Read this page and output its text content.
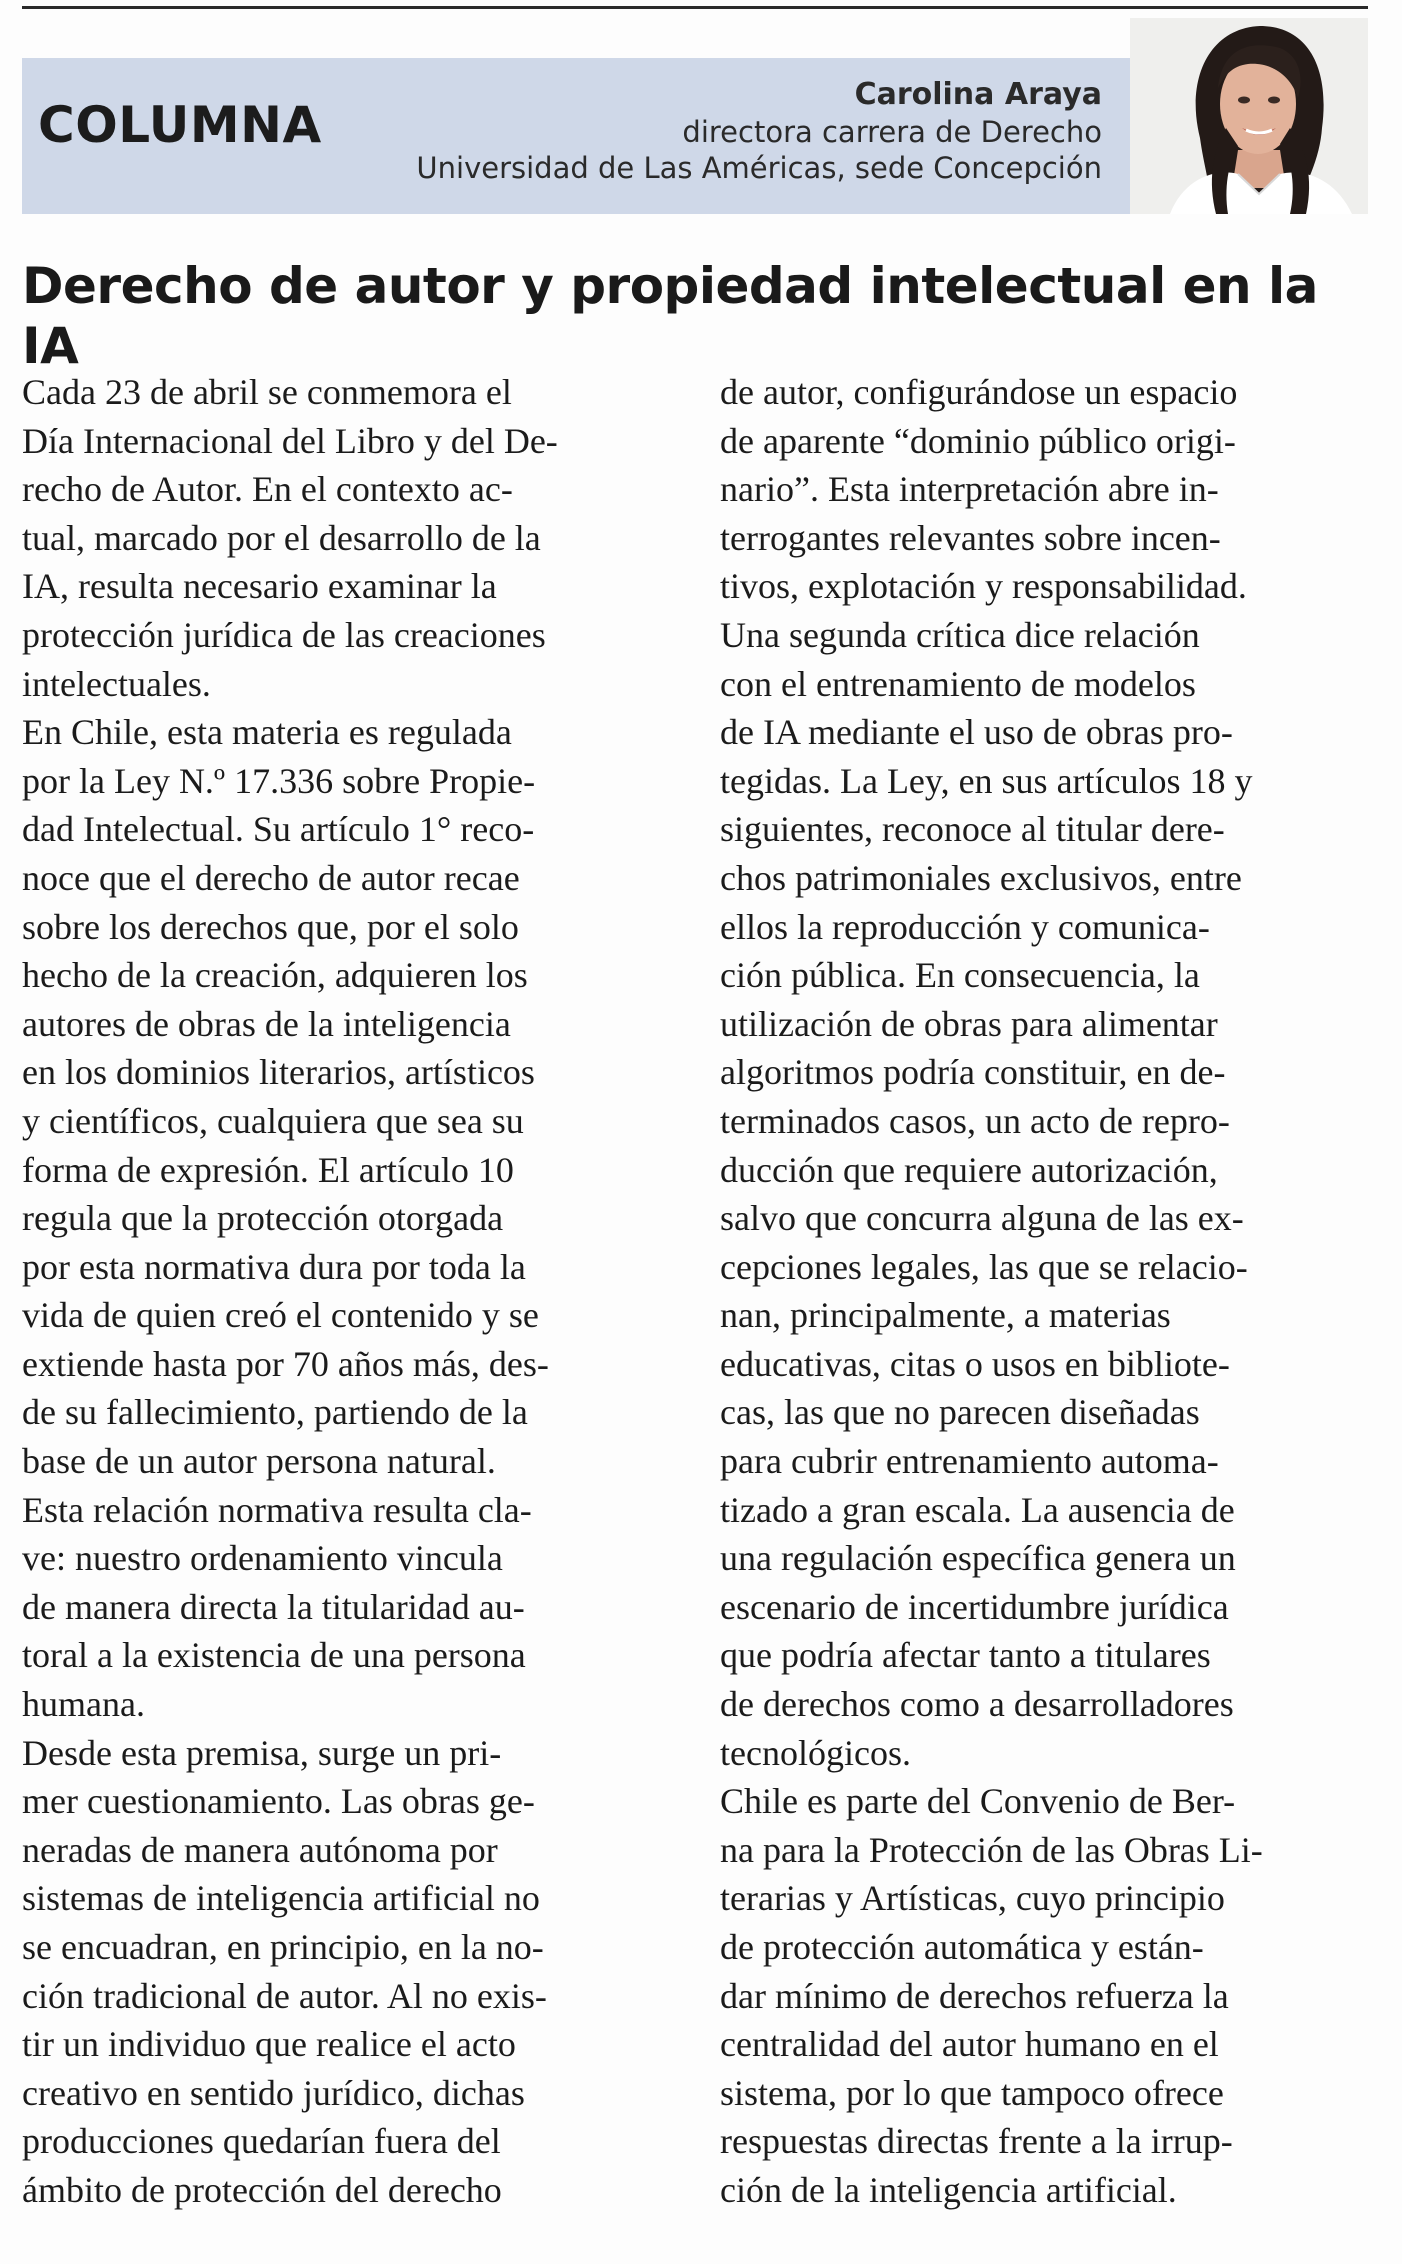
COLUMNA
Carolina Araya
directora carrera de Derecho
Universidad de Las Américas, sede Concepción
Derecho de autor y propiedad intelectual en la IA
Cada 23 de abril se conmemora el
Día Internacional del Libro y del De-
recho de Autor. En el contexto ac-
tual, marcado por el desarrollo de la
IA, resulta necesario examinar la
protección jurídica de las creaciones
intelectuales.
En Chile, esta materia es regulada
por la Ley N.º 17.336 sobre Propie-
dad Intelectual. Su artículo 1° reco-
noce que el derecho de autor recae
sobre los derechos que, por el solo
hecho de la creación, adquieren los
autores de obras de la inteligencia
en los dominios literarios, artísticos
y científicos, cualquiera que sea su
forma de expresión. El artículo 10
regula que la protección otorgada
por esta normativa dura por toda la
vida de quien creó el contenido y se
extiende hasta por 70 años más, des-
de su fallecimiento, partiendo de la
base de un autor persona natural.
Esta relación normativa resulta cla-
ve: nuestro ordenamiento vincula
de manera directa la titularidad au-
toral a la existencia de una persona
humana.
Desde esta premisa, surge un pri-
mer cuestionamiento. Las obras ge-
neradas de manera autónoma por
sistemas de inteligencia artificial no
se encuadran, en principio, en la no-
ción tradicional de autor. Al no exis-
tir un individuo que realice el acto
creativo en sentido jurídico, dichas
producciones quedarían fuera del
ámbito de protección del derecho
de autor, configurándose un espacio
de aparente “dominio público origi-
nario”. Esta interpretación abre in-
terrogantes relevantes sobre incen-
tivos, explotación y responsabilidad.
Una segunda crítica dice relación
con el entrenamiento de modelos
de IA mediante el uso de obras pro-
tegidas. La Ley, en sus artículos 18 y
siguientes, reconoce al titular dere-
chos patrimoniales exclusivos, entre
ellos la reproducción y comunica-
ción pública. En consecuencia, la
utilización de obras para alimentar
algoritmos podría constituir, en de-
terminados casos, un acto de repro-
ducción que requiere autorización,
salvo que concurra alguna de las ex-
cepciones legales, las que se relacio-
nan, principalmente, a materias
educativas, citas o usos en bibliote-
cas, las que no parecen diseñadas
para cubrir entrenamiento automa-
tizado a gran escala. La ausencia de
una regulación específica genera un
escenario de incertidumbre jurídica
que podría afectar tanto a titulares
de derechos como a desarrolladores
tecnológicos.
Chile es parte del Convenio de Ber-
na para la Protección de las Obras Li-
terarias y Artísticas, cuyo principio
de protección automática y están-
dar mínimo de derechos refuerza la
centralidad del autor humano en el
sistema, por lo que tampoco ofrece
respuestas directas frente a la irrup-
ción de la inteligencia artificial.
